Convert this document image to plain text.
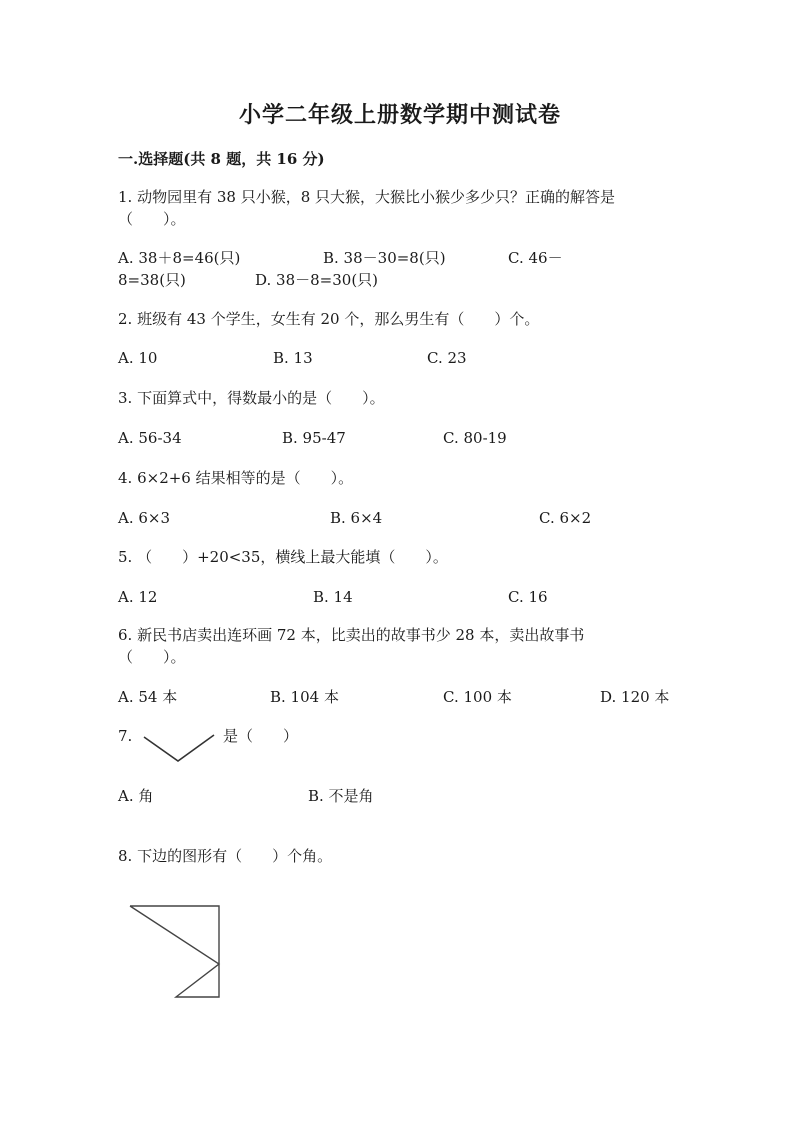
小学二年级上册数学期中测试卷
一.选择题(共 8 题，共 16 分)
1. 动物园里有 38 只小猴，8 只大猴，大猴比小猴少多少只？正确的解答是
（　　）。
A. 38＋8=46(只)	B. 38－30=8(只)	C. 46－
8=38(只)	D. 38－8=30(只)
2. 班级有 43 个学生，女生有 20 个，那么男生有（　　）个。
A. 10	B. 13	C. 23
3. 下面算式中，得数最小的是（　　）。
A. 56-34	B. 95-47	C. 80-19
4. 6×2+6 结果相等的是（　　）。
A. 6×3	B. 6×4	C. 6×2
5. （　　）+20<35，横线上最大能填（　　）。
A. 12	B. 14	C. 16
6. 新民书店卖出连环画 72 本，比卖出的故事书少 28 本，卖出故事书
（　　）。
A. 54 本	B. 104 本	C. 100 本	D. 120 本
7.	是（　　）
A. 角	B. 不是角
8. 下边的图形有（　　）个角。
